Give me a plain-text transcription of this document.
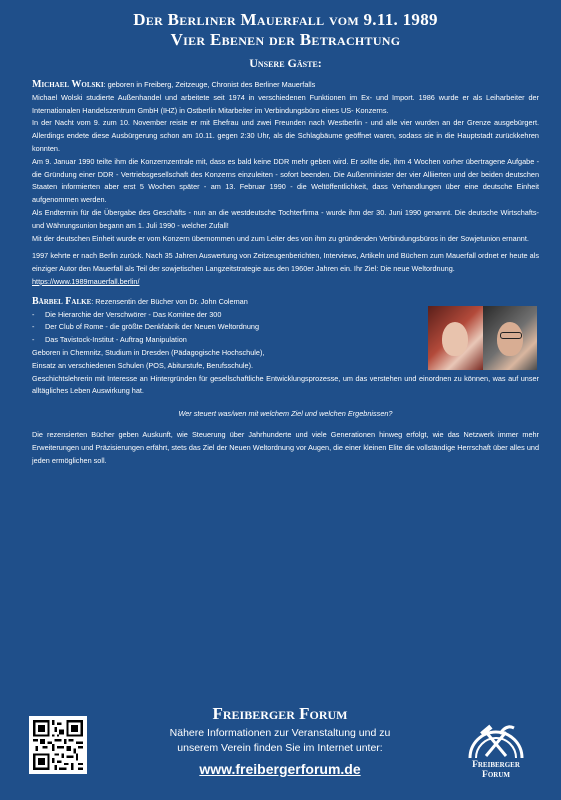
Der Berliner Mauerfall vom 9.11. 1989
Vier Ebenen der Betrachtung
Unsere Gäste:

Michael Wolski: geboren in Freiberg, Zeitzeuge, Chronist des Berliner Mauerfalls

Michael Wolski studierte Außenhandel und arbeitete seit 1974 in verschiedenen Funktionen im Ex- und Import. 1986 wurde er als Leiharbeiter der Internationalen Handelszentrum GmbH (IHZ) in Ostberlin Mitarbeiter im Verbindungsbüro eines US- Konzerns.

In der Nacht vom 9. zum 10. November reiste er mit Ehefrau und zwei Freunden nach Westberlin - und alle vier wurden an der Grenze ausgebürgert. Allerdings endete diese Ausbürgerung schon am 10.11. gegen 2:30 Uhr, als die Schlagbäume geöffnet waren, sodass sie in die Hauptstadt zurückkehren konnten.

Am 9. Januar 1990 teilte ihm die Konzernzentrale mit, dass es bald keine DDR mehr geben wird. Er sollte die, ihm 4 Wochen vorher übertragene Aufgabe - die Gründung einer DDR - Vertriebsgesellschaft des Konzerns einzuleiten - sofort beenden. Die Außenminister der vier Alliierten und der beiden deutschen Staaten informierten aber erst 5 Wochen später - am 13. Februar 1990 - die Weltöffentlichkeit, dass Verhandlungen über eine deutsche Einheit aufgenommen werden.

Als Endtermin für die Übergabe des Geschäfts - nun an die westdeutsche Tochterfirma - wurde ihm der 30. Juni 1990 genannt. Die deutsche Wirtschafts- und Währungsunion begann am 1. Juli 1990 - welcher Zufall!

Mit der deutschen Einheit wurde er vom Konzern übernommen und zum Leiter des von ihm zu gründenden Verbindungsbüros in der Sowjetunion ernannt.

1997 kehrte er nach Berlin zurück. Nach 35 Jahren Auswertung von Zeitzeugenberichten, Interviews, Artikeln und Büchern zum Mauerfall ordnet er heute als einziger Autor den Mauerfall als Teil der sowjetischen Langzeitstrategie aus den 1960er Jahren ein. Ihr Ziel: Die neue Weltordnung.

https://www.1989mauerfall.berlin/

Bärbel Falke: Rezensentin der Bücher von Dr. John Coleman

- Die Hierarchie der Verschwörer - Das Komitee der 300
- Der Club of Rome - die größte Denkfabrik der Neuen Weltordnung
- Das Tavistock-Institut - Auftrag Manipulation

Geboren in Chemnitz, Studium in Dresden (Pädagogische Hochschule),

Einsatz an verschiedenen Schulen (POS, Abiturstufe, Berufsschule).

Geschichtslehrerin mit Interesse an Hintergründen für gesellschaftliche Entwicklungsprozesse, um das verstehen und einordnen zu können, was auf unser alltägliches Leben Auswirkung hat.

Wer steuert was/wen mit welchem Ziel und welchen Ergebnissen?
Die rezensierten Bücher geben Auskunft, wie Steuerung über Jahrhunderte und viele Generationen hinweg erfolgt, wie das Netzwerk immer mehr Erweiterungen und Präzisierungen erfährt, stets das Ziel der Neuen Weltordnung vor Augen, die einer kleinen Elite die vollständige Herrschaft über alles und jeden ermöglichen soll.
Freiberger Forum
Nähere Informationen zur Veranstaltung und zu
unserem Verein finden Sie im Internet unter:
www.freibergerforum.de	Freiberger
Forum
